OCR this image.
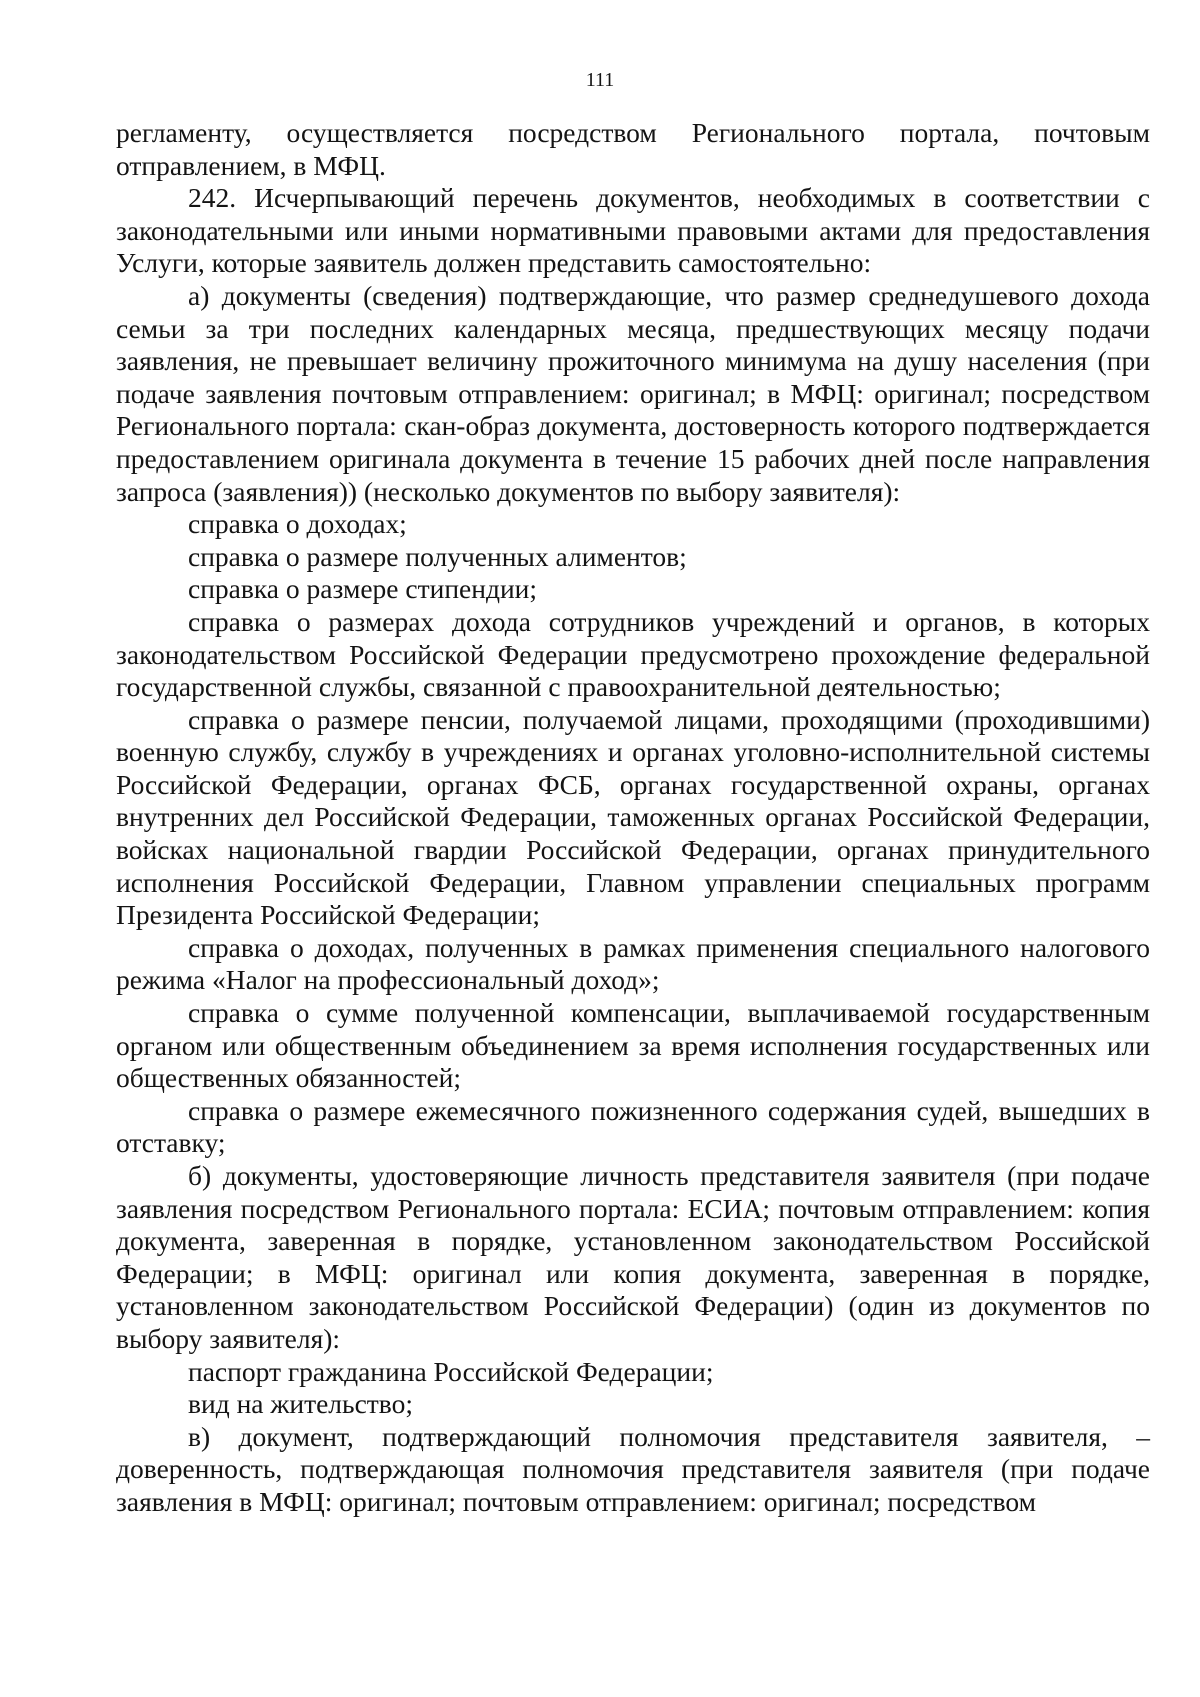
111

регламенту, осуществляется посредством Регионального портала, почтовым отправлением, в МФЦ.

242. Исчерпывающий перечень документов, необходимых в соответствии с законодательными или иными нормативными правовыми актами для предоставления Услуги, которые заявитель должен представить самостоятельно:

а) документы (сведения) подтверждающие, что размер среднедушевого дохода семьи за три последних календарных месяца, предшествующих месяцу подачи заявления, не превышает величину прожиточного минимума на душу населения (при подаче заявления почтовым отправлением: оригинал; в МФЦ: оригинал; посредством Регионального портала: скан-образ документа, достоверность которого подтверждается предоставлением оригинала документа в течение 15 рабочих дней после направления запроса (заявления)) (несколько документов по выбору заявителя):

справка о доходах;

справка о размере полученных алиментов;

справка о размере стипендии;

справка о размерах дохода сотрудников учреждений и органов, в которых законодательством Российской Федерации предусмотрено прохождение федеральной государственной службы, связанной с правоохранительной деятельностью;

справка о размере пенсии, получаемой лицами, проходящими (проходившими) военную службу, службу в учреждениях и органах уголовно-исполнительной системы Российской Федерации, органах ФСБ, органах государственной охраны, органах внутренних дел Российской Федерации, таможенных органах Российской Федерации, войсках национальной гвардии Российской Федерации, органах принудительного исполнения Российской Федерации, Главном управлении специальных программ Президента Российской Федерации;

справка о доходах, полученных в рамках применения специального налогового режима «Налог на профессиональный доход»;

справка о сумме полученной компенсации, выплачиваемой государственным органом или общественным объединением за время исполнения государственных или общественных обязанностей;

справка о размере ежемесячного пожизненного содержания судей, вышедших в отставку;

б) документы, удостоверяющие личность представителя заявителя (при подаче заявления посредством Регионального портала: ЕСИА; почтовым отправлением: копия документа, заверенная в порядке, установленном законодательством Российской Федерации; в МФЦ: оригинал или копия документа, заверенная в порядке, установленном законодательством Российской Федерации) (один из документов по выбору заявителя):

паспорт гражданина Российской Федерации;

вид на жительство;

в) документ, подтверждающий полномочия представителя заявителя, – доверенность, подтверждающая полномочия представителя заявителя (при подаче заявления в МФЦ: оригинал; почтовым отправлением: оригинал; посредством
